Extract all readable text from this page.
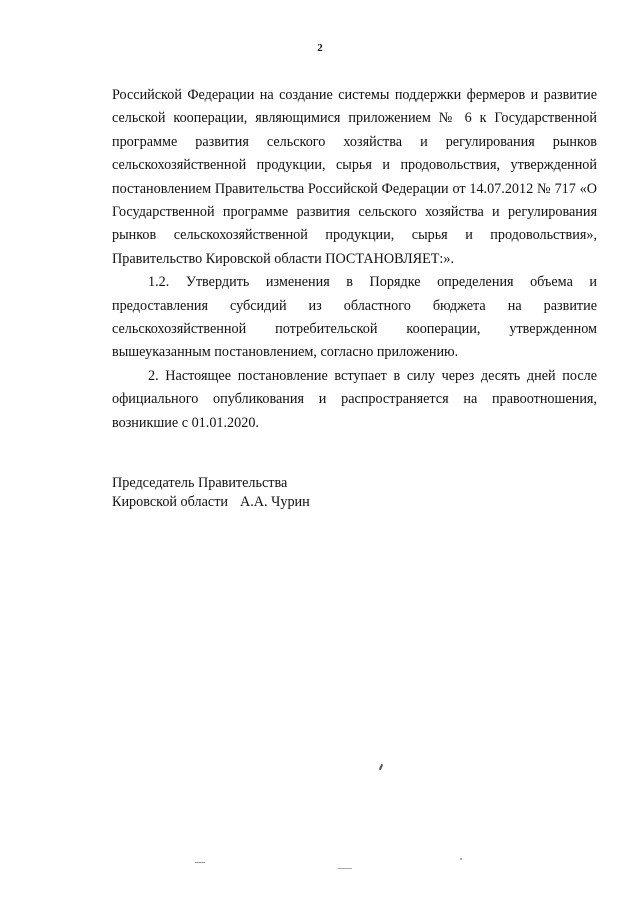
2

Российской Федерации на создание системы поддержки фермеров и развитие сельской кооперации, являющимися приложением № 6 к Государственной программе развития сельского хозяйства и регулирования рынков сельскохозяйственной продукции, сырья и продовольствия, утвержденной постановлением Правительства Российской Федерации от 14.07.2012 № 717 «О Государственной программе развития сельского хозяйства и регулирования рынков сельскохозяйственной продукции, сырья и продовольствия», Правительство Кировской области ПОСТАНОВЛЯЕТ:».

1.2. Утвердить изменения в Порядке определения объема и предоставления субсидий из областного бюджета на развитие сельскохозяйственной потребительской кооперации, утвержденном вышеуказанным постановлением, согласно приложению.

2. Настоящее постановление вступает в силу через десять дней после официального опубликования и распространяется на правоотношения, возникшие с 01.01.2020.

Председатель Правительства
Кировской области А.А. Чурин
